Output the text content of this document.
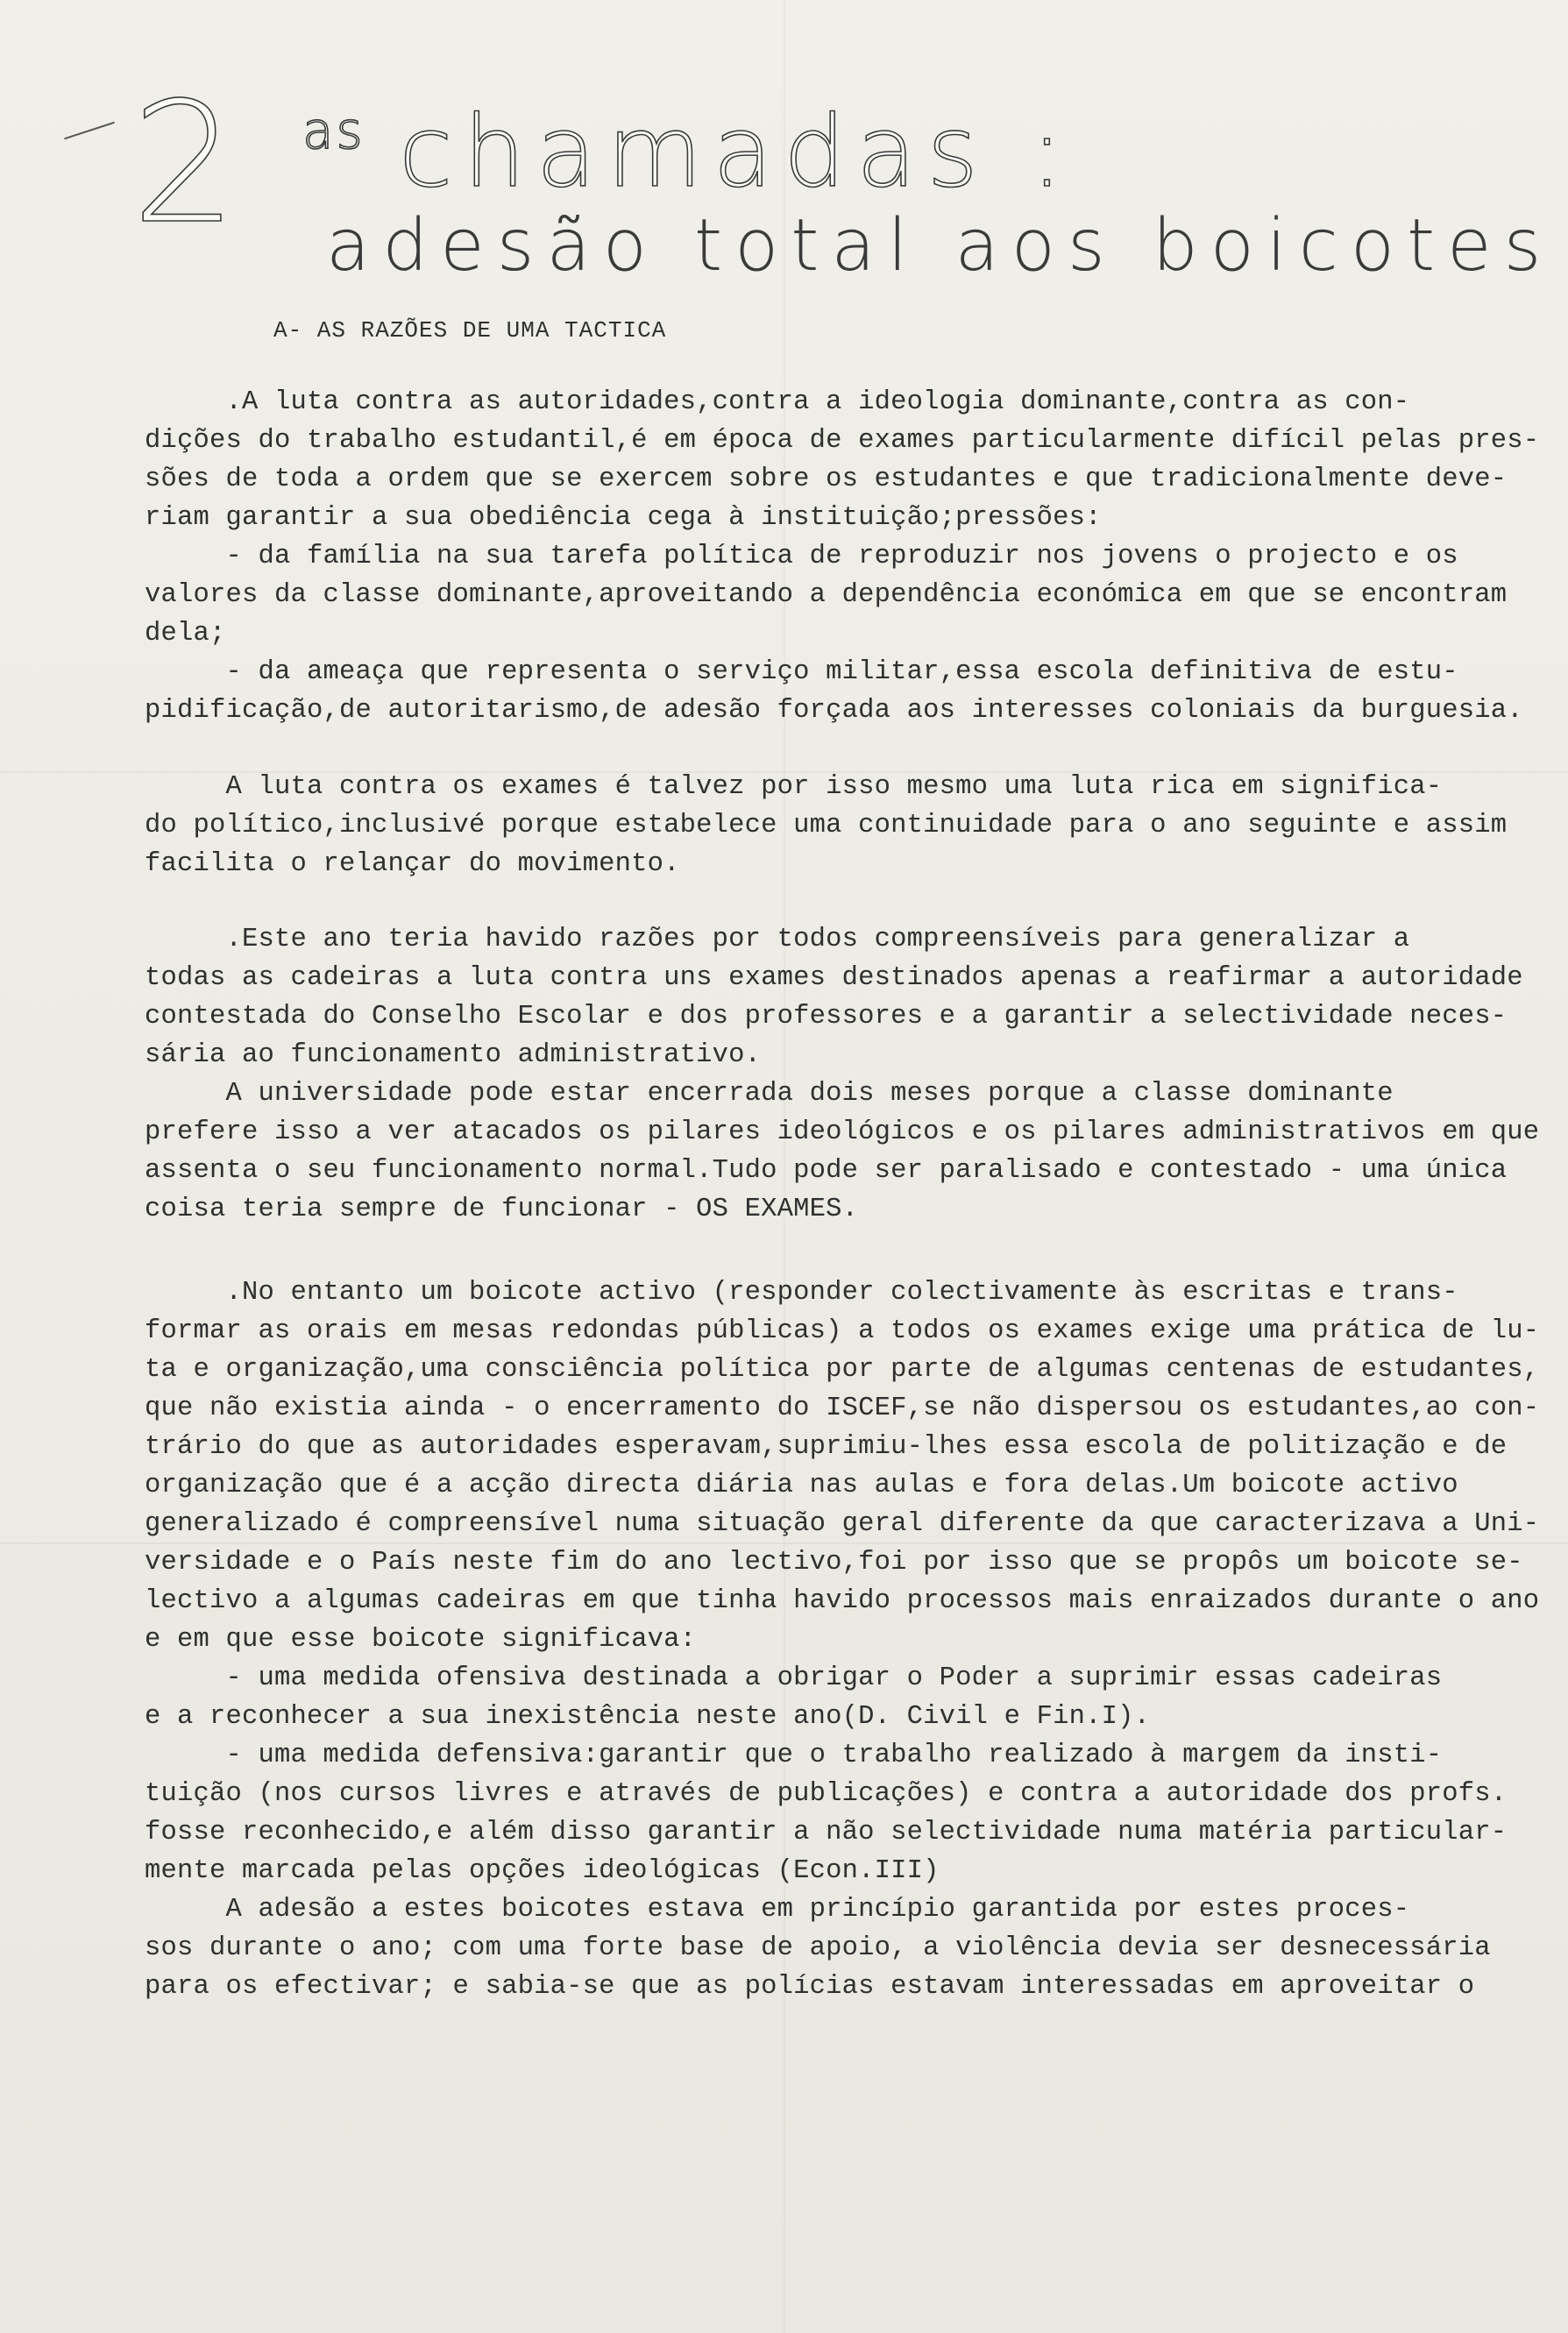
2 as chamadas :
adesão total aos boicotes
A- AS RAZÕES DE UMA TACTICA

.A luta contra as autoridades,contra a ideologia dominante,contra as con-
dições do trabalho estudantil,é em época de exames particularmente difícil pelas pres-
sões de toda a ordem que se exercem sobre os estudantes e que tradicionalmente deve-
riam garantir a sua obediência cega à instituição;pressões:
- da família na sua tarefa política de reproduzir nos jovens o projecto e os
valores da classe dominante,aproveitando a dependência económica em que se encontram
dela;
- da ameaça que representa o serviço militar,essa escola definitiva de estu-
pidificação,de autoritarismo,de adesão forçada aos interesses coloniais da burguesia.

A luta contra os exames é talvez por isso mesmo uma luta rica em significa-
do político,inclusivé porque estabelece uma continuidade para o ano seguinte e assim
facilita o relançar do movimento.

.Este ano teria havido razões por todos compreensíveis para generalizar a
todas as cadeiras a luta contra uns exames destinados apenas a reafirmar a autoridade
contestada do Conselho Escolar e dos professores e a garantir a selectividade neces-
sária ao funcionamento administrativo.
A universidade pode estar encerrada dois meses porque a classe dominante
prefere isso a ver atacados os pilares ideológicos e os pilares administrativos em que
assenta o seu funcionamento normal.Tudo pode ser paralisado e contestado - uma única
coisa teria sempre de funcionar - OS EXAMES.

.No entanto um boicote activo (responder colectivamente às escritas e trans-
formar as orais em mesas redondas públicas) a todos os exames exige uma prática de lu-
ta e organização,uma consciência política por parte de algumas centenas de estudantes,
que não existia ainda - o encerramento do ISCEF,se não dispersou os estudantes,ao con-
trário do que as autoridades esperavam,suprimiu-lhes essa escola de politização e de
organização que é a acção directa diária nas aulas e fora delas.Um boicote activo
generalizado é compreensível numa situação geral diferente da que caracterizava a Uni-
versidade e o País neste fim do ano lectivo,foi por isso que se propôs um boicote se-
lectivo a algumas cadeiras em que tinha havido processos mais enraizados durante o ano
e em que esse boicote significava:
- uma medida ofensiva destinada a obrigar o Poder a suprimir essas cadeiras
e a reconhecer a sua inexistência neste ano(D. Civil e Fin.I).
- uma medida defensiva:garantir que o trabalho realizado à margem da insti-
tuição (nos cursos livres e através de publicações) e contra a autoridade dos profs.
fosse reconhecido,e além disso garantir a não selectividade numa matéria particular-
mente marcada pelas opções ideológicas (Econ.III)
A adesão a estes boicotes estava em princípio garantida por estes proces-
sos durante o ano; com uma forte base de apoio, a violência devia ser desnecessária
para os efectivar; e sabia-se que as polícias estavam interessadas em aproveitar o
